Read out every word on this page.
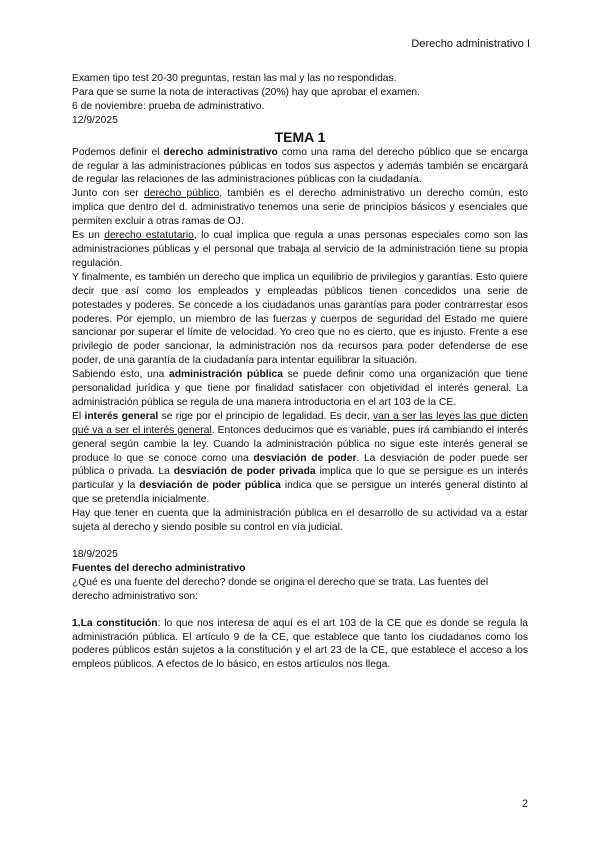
Derecho administrativo I

Examen tipo test 20-30 preguntas, restan las mal y las no respondidas.

Para que se sume la nota de interactivas (20%) hay que aprobar el examen.

6 de noviembre: prueba de administrativo.

12/9/2025

TEMA 1

Podemos definir el derecho administrativo como una rama del derecho público que se encarga de regular a las administraciones públicas en todos sus aspectos y además también se encargará de regular las relaciones de las administraciones públicas con la ciudadanía.

Junto con ser derecho público, también es el derecho administrativo un derecho común, esto implica que dentro del d. administrativo tenemos una serie de principios básicos y esenciales que permiten excluir a otras ramas de OJ.

Es un derecho estatutario, lo cual implica que regula a unas personas especiales como son las administraciones públicas y el personal que trabaja al servicio de la administración tiene su propia regulación.

Y finalmente, es también un derecho que implica un equilibrio de privilegios y garantías. Esto quiere decir que así como los empleados y empleadas públicos tienen concedidos una serie de potestades y poderes. Se concede a los ciudadanos unas garantías para poder contrarrestar esos poderes. Por ejemplo, un miembro de las fuerzas y cuerpos de seguridad del Estado me quiere sancionar por superar el límite de velocidad. Yo creo que no es cierto, que es injusto. Frente a ese privilegio de poder sancionar, la administración nos da recursos para poder defenderse de ese poder, de una garantía de la ciudadanía para intentar equilibrar la situación.

Sabiendo esto, una administración pública se puede definir como una organización que tiene personalidad jurídica y que tiene por finalidad satisfacer con objetividad el interés general. La administración pública se regula de una manera introductoria en el art 103 de la CE.

El interés general se rige por el principio de legalidad. Es decir, van a ser las leyes las que dicten qué va a ser el interés general. Entonces deducimos que es variable, pues irá cambiando el interés general según cambie la ley. Cuando la administración pública no sigue este interés general se produce lo que se conoce como una desviación de poder. La desviación de poder puede ser pública o privada. La desviación de poder privada implica que lo que se persigue es un interés particular y la desviación de poder pública indica que se persigue un interés general distinto al que se pretendía inicialmente.

Hay que tener en cuenta que la administración pública en el desarrollo de su actividad va a estar sujeta al derecho y siendo posible su control en vía judicial.

18/9/2025

Fuentes del derecho administrativo

¿Qué es una fuente del derecho? donde se origina el derecho que se trata. Las fuentes del derecho administrativo son:

1.La constitución: lo que nos interesa de aquí es el art 103 de la CE que es donde se regula la administración pública. El artículo 9 de la CE, que establece que tanto los ciudadanos como los poderes públicos están sujetos a la constitución y el art 23 de la CE, que establece el acceso a los empleos públicos. A efectos de lo básico, en estos artículos nos llega.

2
